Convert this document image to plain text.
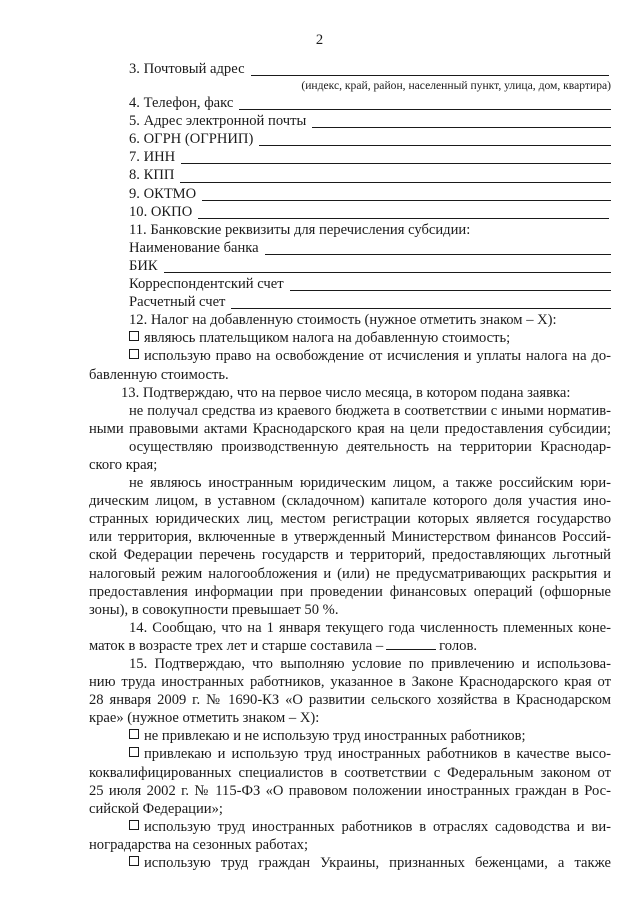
2
3. Почтовый адрес
(индекс, край, район, населенный пункт, улица, дом, квартира)
4. Телефон, факс
5. Адрес электронной почты
6. ОГРН (ОГРНИП)
7. ИНН
8. КПП
9. ОКТМО
10. ОКПО
11. Банковские реквизиты для перечисления субсидии:
Наименование банка
БИК
Корреспондентский счет
Расчетный счет
12. Налог на добавленную стоимость (нужное отметить знаком – Х):
являюсь плательщиком налога на добавленную стоимость;
использую право на освобождение от исчисления и уплаты налога на до-
бавленную стоимость.
13. Подтверждаю, что на первое число месяца, в котором подана заявка:
не получал средства из краевого бюджета в соответствии с иными норматив-
ными правовыми актами Краснодарского края на цели предоставления субсидии;
осуществляю производственную деятельность на территории Краснодар-
ского края;
не являюсь иностранным юридическим лицом, а также российским юри-
дическим лицом, в уставном (складочном) капитале которого доля участия ино-
странных юридических лиц, местом регистрации которых является государство
или территория, включенные в утвержденный Министерством финансов Россий-
ской Федерации перечень государств и территорий, предоставляющих льготный
налоговый режим налогообложения и (или) не предусматривающих раскрытия и
предоставления информации при проведении финансовых операций (офшорные
зоны), в совокупности превышает 50 %.
14. Сообщаю, что на 1 января текущего года численность племенных коне-
маток в возрасте трех лет и старше составила –	голов.
15. Подтверждаю, что выполняю условие по привлечению и использова-
нию труда иностранных работников, указанное в Законе Краснодарского края от
28 января 2009 г. № 1690-КЗ «О развитии сельского хозяйства в Краснодарском
крае» (нужное отметить знаком – Х):
не привлекаю и не использую труд иностранных работников;
привлекаю и использую труд иностранных работников в качестве высо-
коквалифицированных специалистов в соответствии с Федеральным законом от
25 июля 2002 г. № 115-ФЗ «О правовом положении иностранных граждан в Рос-
сийской Федерации»;
использую труд иностранных работников в отраслях садоводства и ви-
ноградарства на сезонных работах;
использую труд граждан Украины, признанных беженцами, а также
